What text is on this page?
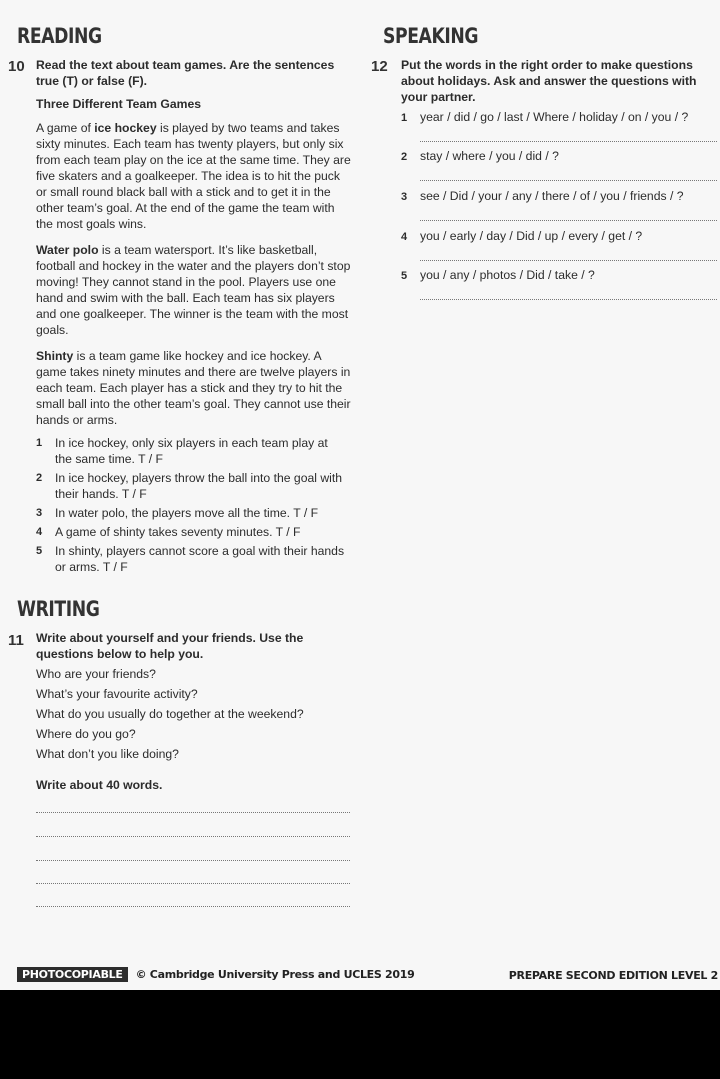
READING
10 Read the text about team games. Are the sentences true (T) or false (F).
Three Different Team Games

A game of ice hockey is played by two teams and takes sixty minutes. Each team has twenty players, but only six from each team play on the ice at the same time. They are five skaters and a goalkeeper. The idea is to hit the puck or small round black ball with a stick and to get it in the other team’s goal. At the end of the game the team with the most goals wins.

Water polo is a team watersport. It’s like basketball, football and hockey in the water and the players don’t stop moving! They cannot stand in the pool. Players use one hand and swim with the ball. Each team has six players and one goalkeeper. The winner is the team with the most goals.

Shinty is a team game like hockey and ice hockey. A game takes ninety minutes and there are twelve players in each team. Each player has a stick and they try to hit the small ball into the other team’s goal. They cannot use their hands or arms.

1	In ice hockey, only six players in each team play at the same time. T / F
2	In ice hockey, players throw the ball into the goal with their hands. T / F
3	In water polo, the players move all the time. T / F
4	A game of shinty takes seventy minutes. T / F
5	In shinty, players cannot score a goal with their hands or arms. T / F
SPEAKING
12 Put the words in the right order to make questions about holidays. Ask and answer the questions with your partner.
1 year / did / go / last / Where / holiday / on / you / ?
2 stay / where / you / did / ?
3 see / Did / your / any / there / of / you / friends / ?
4 you / early / day / Did / up / every / get / ?
5 you / any / photos / Did / take / ?
WRITING
11 Write about yourself and your friends. Use the questions below to help you.
Who are your friends?
What’s your favourite activity?
What do you usually do together at the weekend?
Where do you go?
What don’t you like doing?
Write about 40 words.
PHOTOCOPIABLE	© Cambridge University Press and UCLES 2019	PREPARE SECOND EDITION LEVEL 2
